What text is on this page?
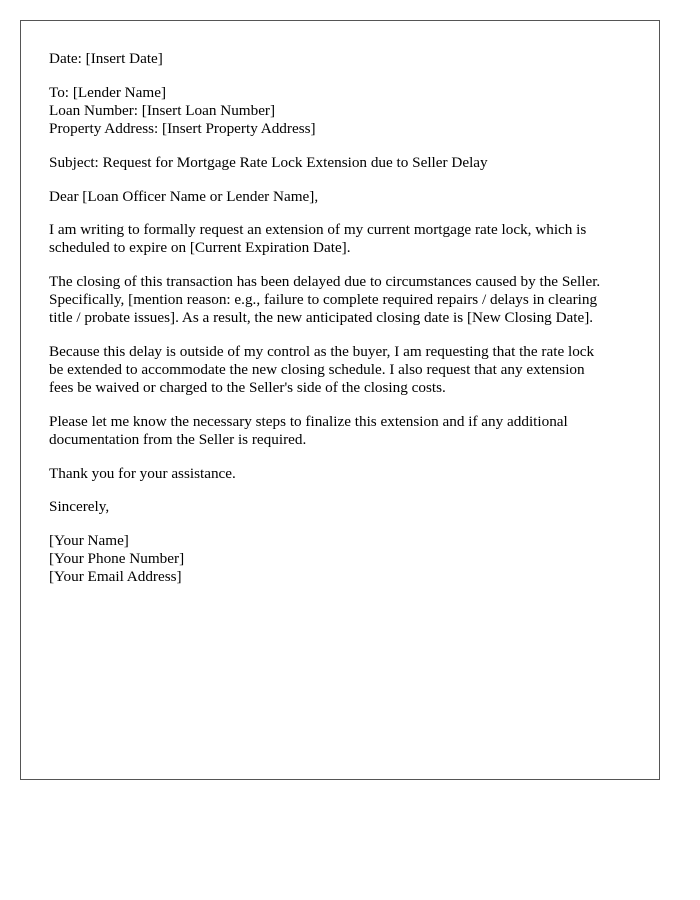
Date: [Insert Date]

To: [Lender Name]
Loan Number: [Insert Loan Number]
Property Address: [Insert Property Address]

Subject: Request for Mortgage Rate Lock Extension due to Seller Delay

Dear [Loan Officer Name or Lender Name],

I am writing to formally request an extension of my current mortgage rate lock, which is
scheduled to expire on [Current Expiration Date].

The closing of this transaction has been delayed due to circumstances caused by the Seller.
Specifically, [mention reason: e.g., failure to complete required repairs / delays in clearing
title / probate issues]. As a result, the new anticipated closing date is [New Closing Date].

Because this delay is outside of my control as the buyer, I am requesting that the rate lock
be extended to accommodate the new closing schedule. I also request that any extension
fees be waived or charged to the Seller's side of the closing costs.

Please let me know the necessary steps to finalize this extension and if any additional
documentation from the Seller is required.

Thank you for your assistance.

Sincerely,

[Your Name]
[Your Phone Number]
[Your Email Address]
